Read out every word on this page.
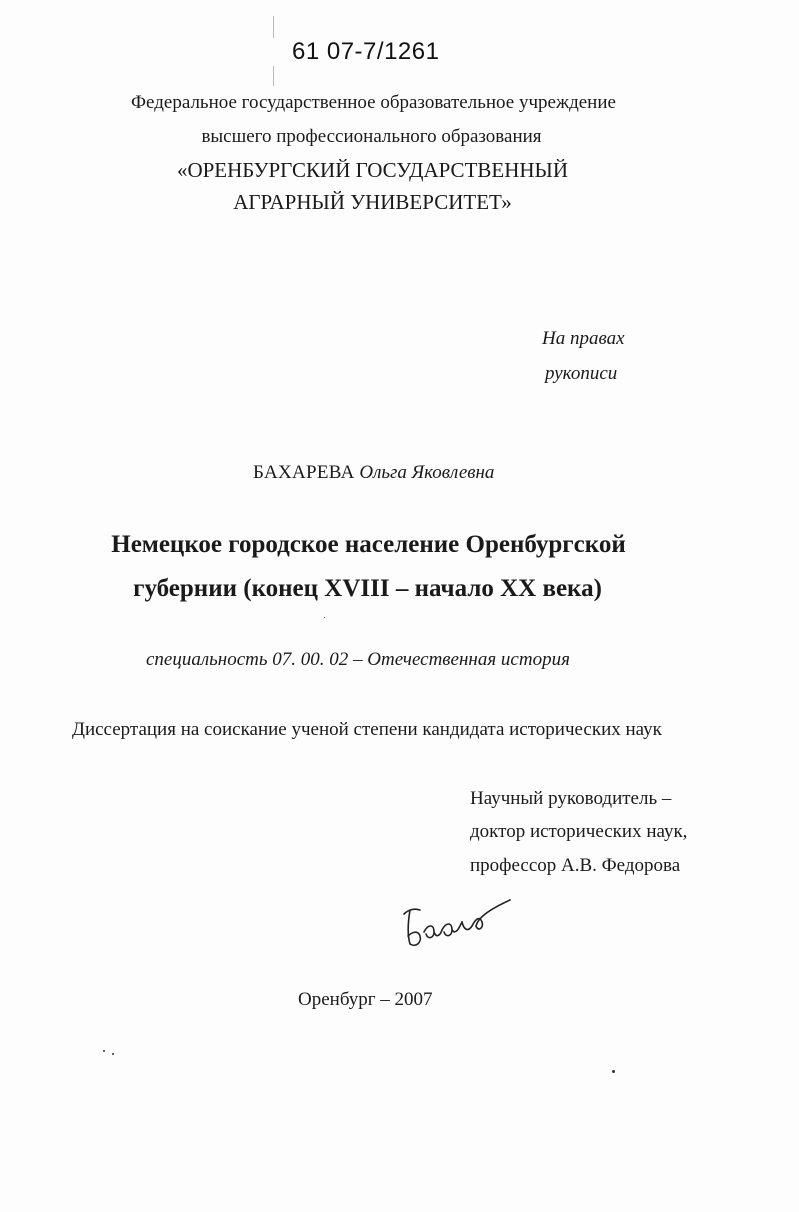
61 07-7/1261
Федеральное государственное образовательное учреждение
высшего профессионального образования
«ОРЕНБУРГСКИЙ ГОСУДАРСТВЕННЫЙ
АГРАРНЫЙ УНИВЕРСИТЕТ»
На правах
рукописи
БАХАРЕВА Ольга Яковлевна
Немецкое городское население Оренбургской
губернии (конец XVIII – начало XX века)
специальность 07. 00. 02 – Отечественная история
Диссертация на соискание ученой степени кандидата исторических наук
Научный руководитель –
доктор исторических наук,
профессор А.В. Федорова
Оренбург – 2007
